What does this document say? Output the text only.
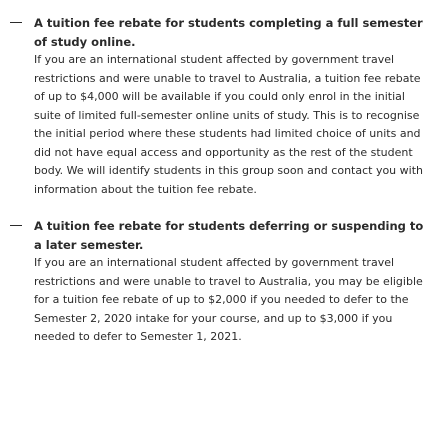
A tuition fee rebate for students completing a full semester of study online.

If you are an international student affected by government travel restrictions and were unable to travel to Australia, a tuition fee rebate of up to $4,000 will be available if you could only enrol in the initial suite of limited full-semester online units of study. This is to recognise the initial period where these students had limited choice of units and did not have equal access and opportunity as the rest of the student body. We will identify students in this group soon and contact you with information about the tuition fee rebate.

A tuition fee rebate for students deferring or suspending to a later semester.

If you are an international student affected by government travel restrictions and were unable to travel to Australia, you may be eligible for a tuition fee rebate of up to $2,000 if you needed to defer to the Semester 2, 2020 intake for your course, and up to $3,000 if you needed to defer to Semester 1, 2021.
